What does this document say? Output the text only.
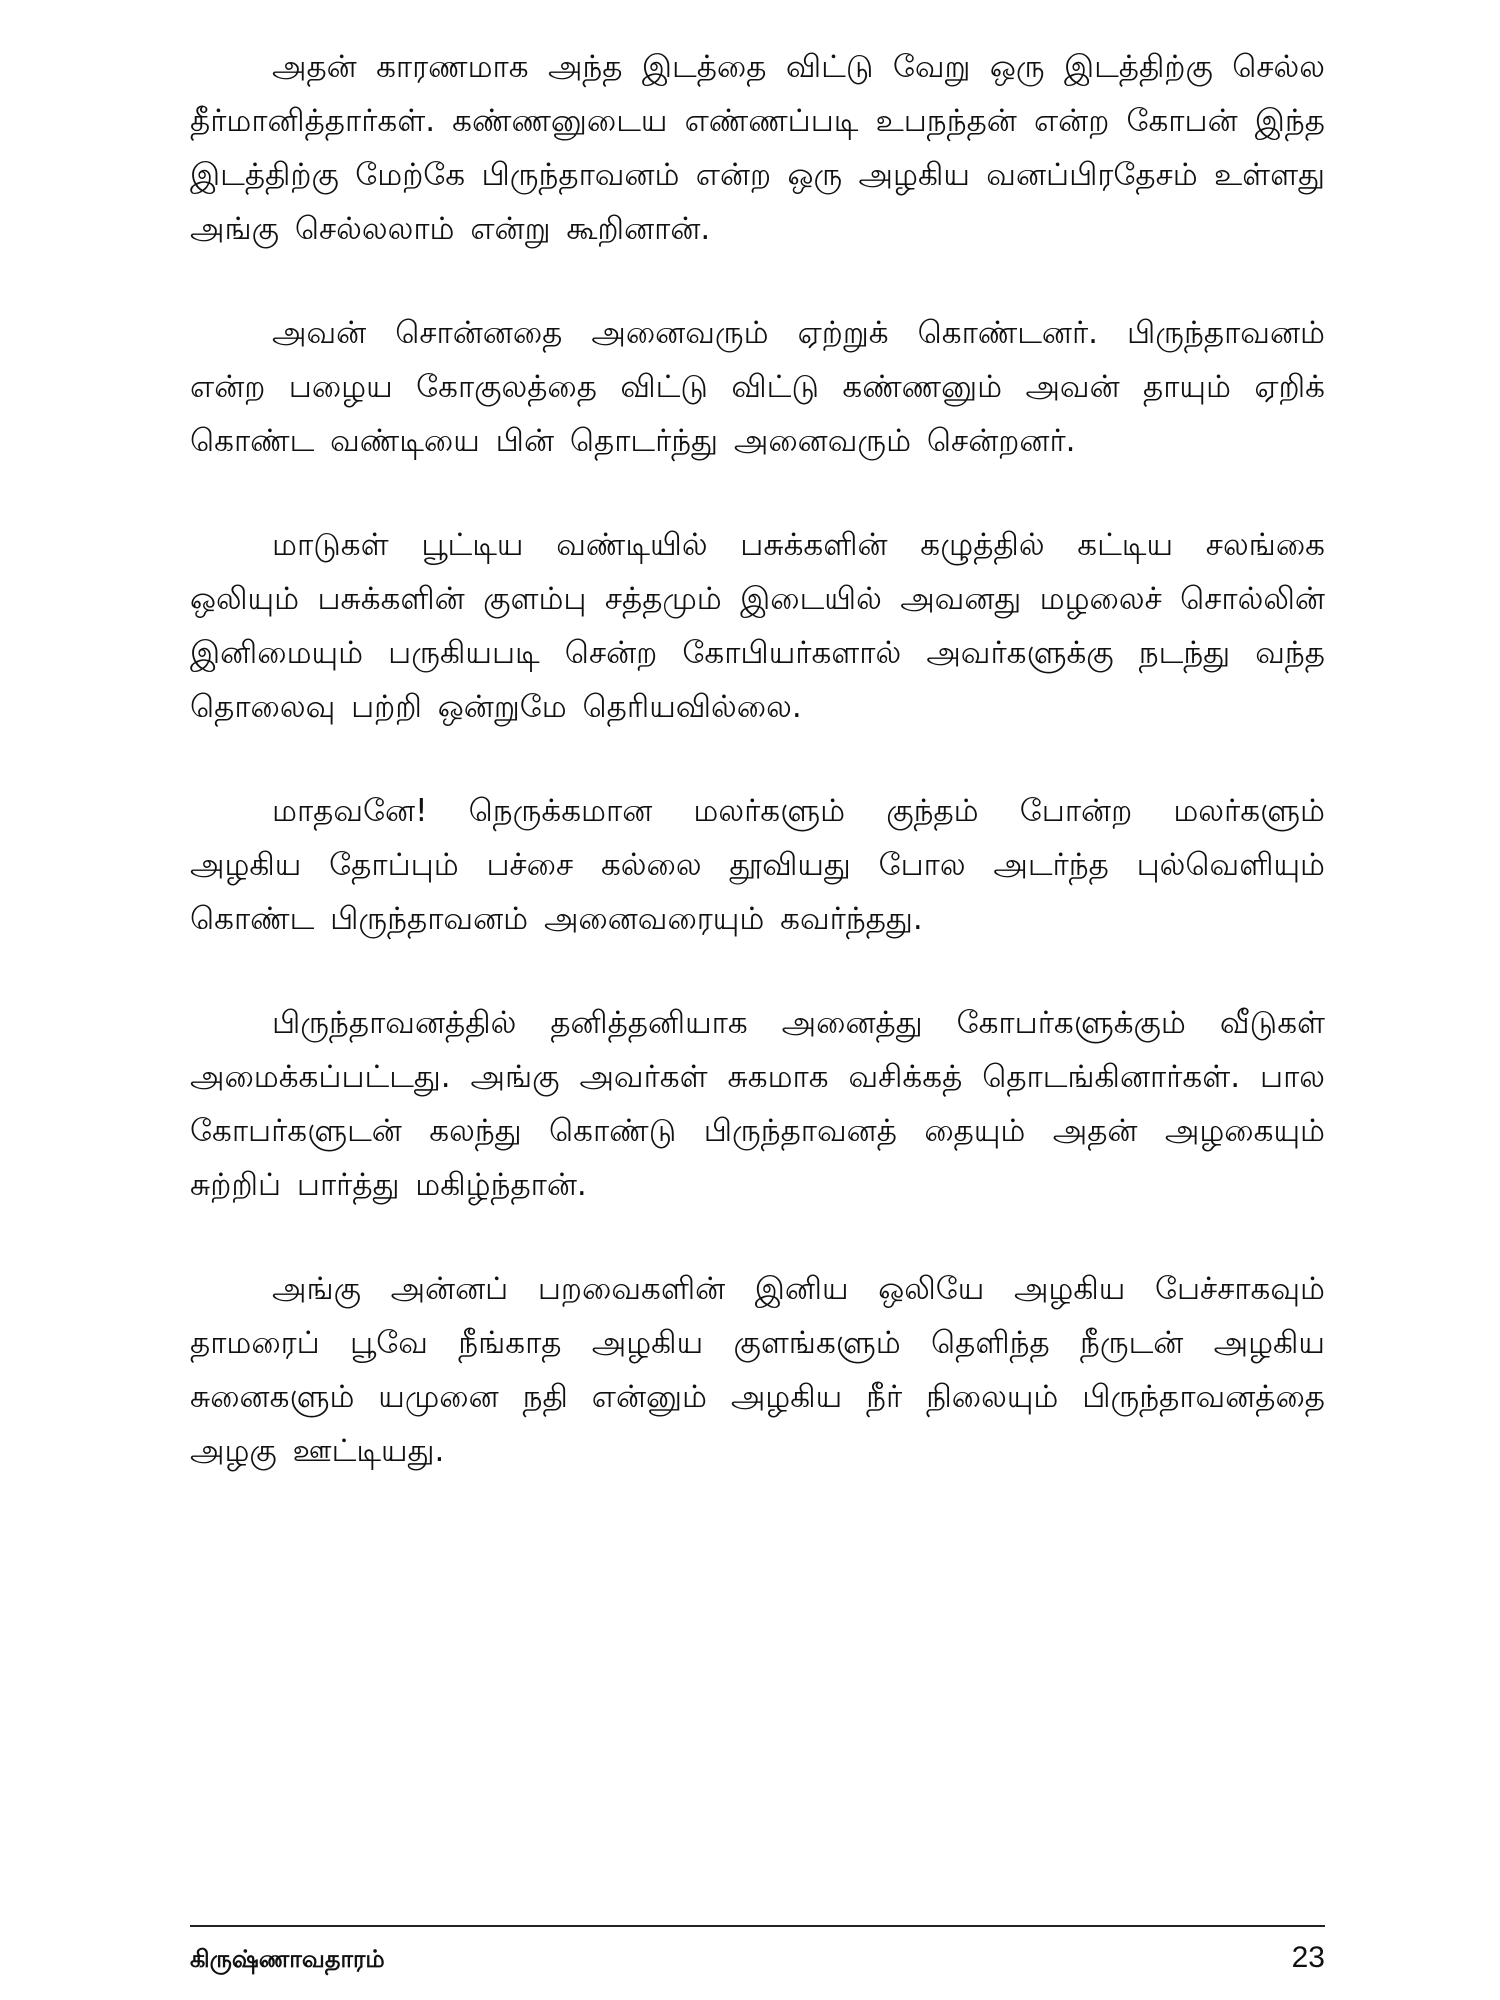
அதன் காரணமாக அந்த இடத்தை விட்டு வேறு ஒரு இடத்திற்கு செல்ல தீர்மானித்தார்கள். கண்ணனுடைய எண்ணப்படி உபநந்தன் என்ற கோபன் இந்த இடத்திற்கு மேற்கே பிருந்தாவனம் என்ற ஒரு அழகிய வனப்பிரதேசம் உள்ளது அங்கு செல்லலாம் என்று கூறினான்.

அவன் சொன்னதை அனைவரும் ஏற்றுக் கொண்டனர். பிருந்தாவனம் என்ற பழைய கோகுலத்தை விட்டு விட்டு கண்ணனும் அவன் தாயும் ஏறிக் கொண்ட வண்டியை பின் தொடர்ந்து அனைவரும் சென்றனர்.

மாடுகள் பூட்டிய வண்டியில் பசுக்களின் கழுத்தில் கட்டிய சலங்கை ஒலியும் பசுக்களின் குளம்பு சத்தமும் இடையில் அவனது மழலைச் சொல்லின் இனிமையும் பருகியபடி சென்ற கோபியர்களால் அவர்களுக்கு நடந்து வந்த தொலைவு பற்றி ஒன்றுமே தெரியவில்லை.

மாதவனே! நெருக்கமான மலர்களும் குந்தம் போன்ற மலர்களும் அழகிய தோப்பும் பச்சை கல்லை தூவியது போல அடர்ந்த புல்வெளியும் கொண்ட பிருந்தாவனம் அனைவரையும் கவர்ந்தது.

பிருந்தாவனத்தில் தனித்தனியாக அனைத்து கோபர்களுக்கும் வீடுகள் அமைக்கப்பட்டது. அங்கு அவர்கள் சுகமாக வசிக்கத் தொடங்கினார்கள். பால கோபர்களுடன் கலந்து கொண்டு பிருந்தாவனத் தையும் அதன் அழகையும் சுற்றிப் பார்த்து மகிழ்ந்தான்.

அங்கு அன்னப் பறவைகளின் இனிய ஒலியே அழகிய பேச்சாகவும் தாமரைப் பூவே நீங்காத அழகிய குளங்களும் தெளிந்த நீருடன் அழகிய சுனைகளும் யமுனை நதி என்னும் அழகிய நீர் நிலையும் பிருந்தாவனத்தை அழகு ஊட்டியது.

கிருஷ்ணாவதாரம்	23
